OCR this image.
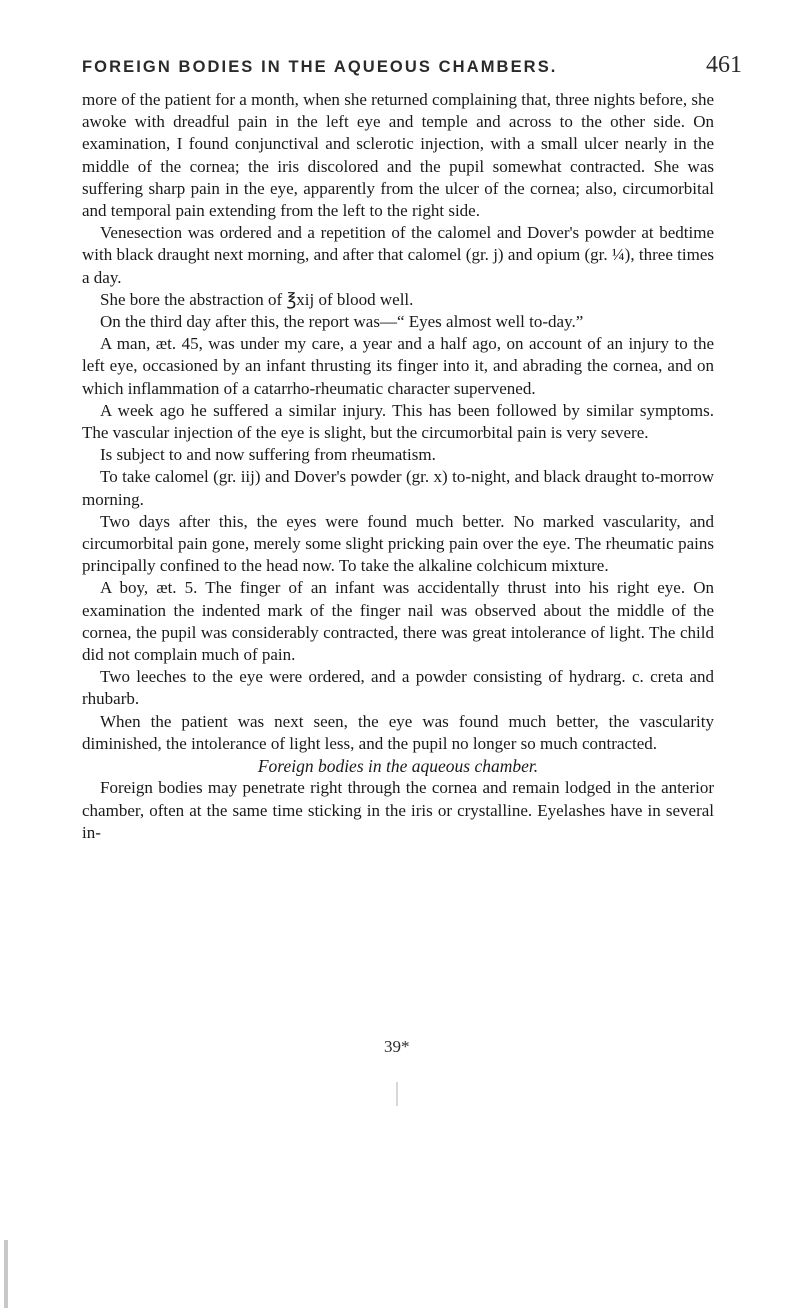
FOREIGN BODIES IN THE AQUEOUS CHAMBERS.	461

more of the patient for a month, when she returned complaining that, three nights before, she awoke with dreadful pain in the left eye and temple and across to the other side. On examination, I found conjunctival and sclerotic injection, with a small ulcer nearly in the middle of the cornea; the iris discolored and the pupil somewhat contracted. She was suffering sharp pain in the eye, apparently from the ulcer of the cornea; also, circumorbital and temporal pain extending from the left to the right side.

Venesection was ordered and a repetition of the calomel and Dover's powder at bedtime with black draught next morning, and after that calomel (gr. j) and opium (gr. ¼), three times a day.

She bore the abstraction of ℥xij of blood well.

On the third day after this, the report was—“ Eyes almost well to-day.”

A man, æt. 45, was under my care, a year and a half ago, on account of an injury to the left eye, occasioned by an infant thrusting its finger into it, and abrading the cornea, and on which inflammation of a catarrho-rheumatic character supervened.

A week ago he suffered a similar injury. This has been followed by similar symptoms. The vascular injection of the eye is slight, but the circumorbital pain is very severe.

Is subject to and now suffering from rheumatism.

To take calomel (gr. iij) and Dover's powder (gr. x) to-night, and black draught to-morrow morning.

Two days after this, the eyes were found much better. No marked vascularity, and circumorbital pain gone, merely some slight pricking pain over the eye. The rheumatic pains principally confined to the head now. To take the alkaline colchicum mixture.

A boy, æt. 5. The finger of an infant was accidentally thrust into his right eye. On examination the indented mark of the finger nail was observed about the middle of the cornea, the pupil was considerably contracted, there was great intolerance of light. The child did not complain much of pain.

Two leeches to the eye were ordered, and a powder consisting of hydrarg. c. creta and rhubarb.

When the patient was next seen, the eye was found much better, the vascularity diminished, the intolerance of light less, and the pupil no longer so much contracted.

Foreign bodies in the aqueous chamber.

Foreign bodies may penetrate right through the cornea and remain lodged in the anterior chamber, often at the same time sticking in the iris or crystalline. Eyelashes have in several in-

39*
